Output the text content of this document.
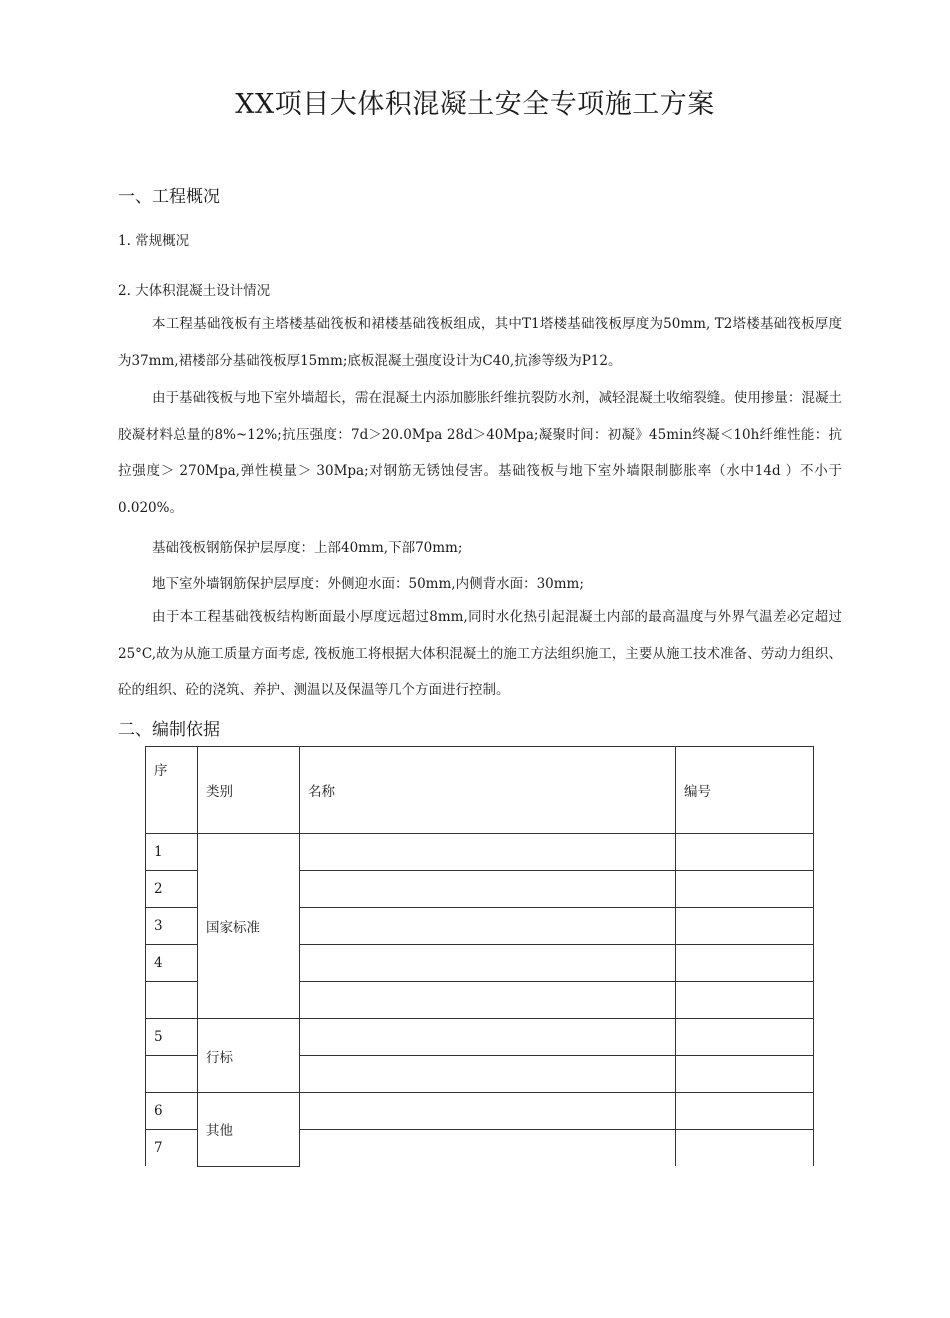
XX项目大体积混凝土安全专项施工方案
一、工程概况
1. 常规概况
2. 大体积混凝土设计情况
本工程基础筏板有主塔楼基础筏板和裙楼基础筏板组成，其中T1塔楼基础筏板厚度为50mm, T2塔楼基础筏板厚度为37mm,裙楼部分基础筏板厚15mm;底板混凝土强度设计为C40,抗渗等级为P12。
由于基础筏板与地下室外墙超长，需在混凝土内添加膨胀纤维抗裂防水剂，减轻混凝土收缩裂缝。使用掺量：混凝土胶凝材料总量的8%~12%;抗压强度：7d＞20.0Mpa 28d＞40Mpa;凝聚时间：初凝》45min终凝＜10h纤维性能：抗拉强度＞ 270Mpa,弹性模量＞ 30Mpa;对钢筋无锈蚀侵害。基础筏板与地下室外墙限制膨胀率（水中14d ）不小于0.020%。
基础筏板钢筋保护层厚度：上部40mm,下部70mm;
地下室外墙钢筋保护层厚度：外侧迎水面：50mm,内侧背水面：30mm;
由于本工程基础筏板结构断面最小厚度远超过8mm,同时水化热引起混凝土内部的最高温度与外界气温差必定超过25°C,故为从施工质量方面考虑, 筏板施工将根据大体积混凝土的施工方法组织施工，主要从施工技术准备、劳动力组织、砼的组织、砼的浇筑、养护、测温以及保温等几个方面进行控制。
二、编制依据
序	类别	名称	编号
1	国家标准		
2			
3			
4			

5	行标		

6	其他		
7			
